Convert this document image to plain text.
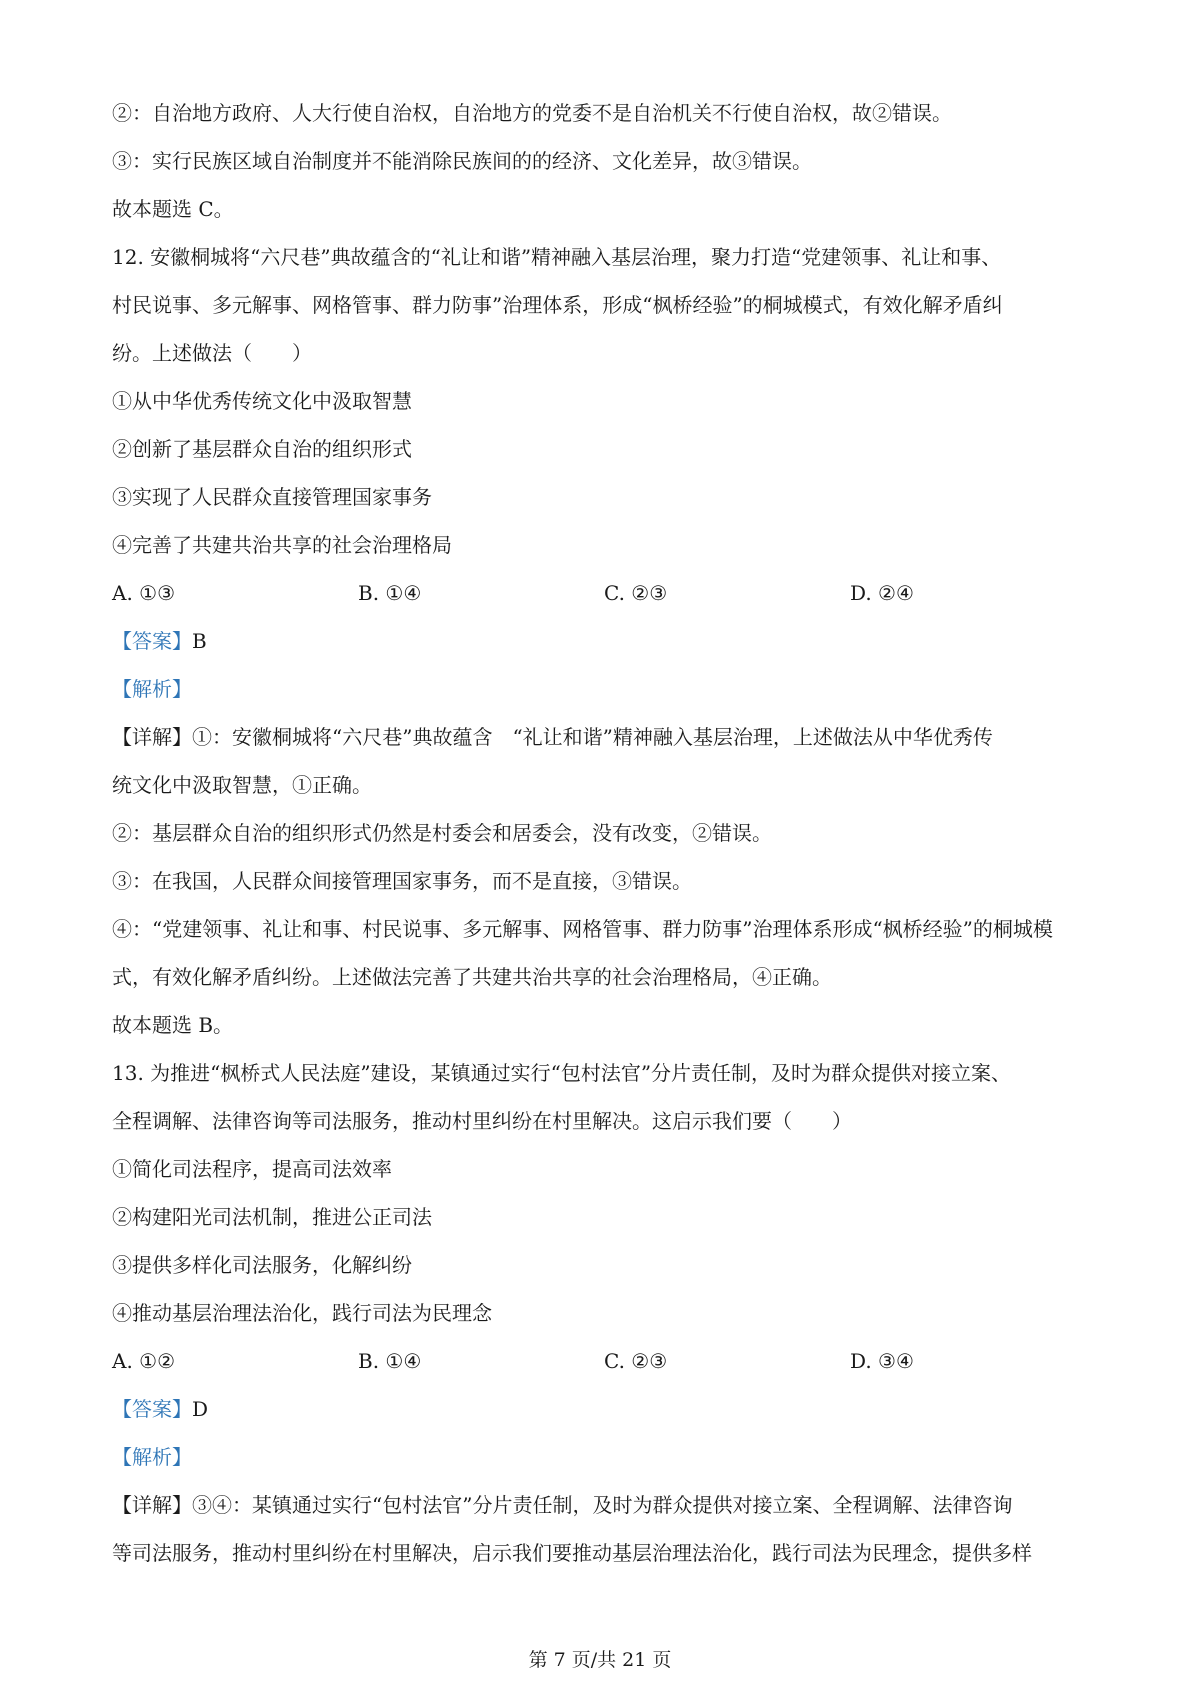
②：自治地方政府、人大行使自治权，自治地方的党委不是自治机关不行使自治权，故②错误。
③：实行民族区域自治制度并不能消除民族间的的经济、文化差异，故③错误。
故本题选 C。
12. 安徽桐城将“六尺巷”典故蕴含的“礼让和谐”精神融入基层治理，聚力打造“党建领事、礼让和事、
村民说事、多元解事、网格管事、群力防事”治理体系，形成“枫桥经验”的桐城模式，有效化解矛盾纠
纷。上述做法（　　）
①从中华优秀传统文化中汲取智慧
②创新了基层群众自治的组织形式
③实现了人民群众直接管理国家事务
④完善了共建共治共享的社会治理格局
A. ①③	B. ①④	C. ②③	D. ②④
【答案】B
【解析】
【详解】①：安徽桐城将“六尺巷”典故蕴含　“礼让和谐”精神融入基层治理，上述做法从中华优秀传
统文化中汲取智慧，①正确。
②：基层群众自治的组织形式仍然是村委会和居委会，没有改变，②错误。
③：在我国，人民群众间接管理国家事务，而不是直接，③错误。
④：“党建领事、礼让和事、村民说事、多元解事、网格管事、群力防事”治理体系形成“枫桥经验”的桐城模
式，有效化解矛盾纠纷。上述做法完善了共建共治共享的社会治理格局，④正确。
故本题选 B。
13. 为推进“枫桥式人民法庭”建设，某镇通过实行“包村法官”分片责任制，及时为群众提供对接立案、
全程调解、法律咨询等司法服务，推动村里纠纷在村里解决。这启示我们要（　　）
①简化司法程序，提高司法效率
②构建阳光司法机制，推进公正司法
③提供多样化司法服务，化解纠纷
④推动基层治理法治化，践行司法为民理念
A. ①②	B. ①④	C. ②③	D. ③④
【答案】D
【解析】
【详解】③④：某镇通过实行“包村法官”分片责任制，及时为群众提供对接立案、全程调解、法律咨询
等司法服务，推动村里纠纷在村里解决，启示我们要推动基层治理法治化，践行司法为民理念，提供多样
第 7 页/共 21 页
